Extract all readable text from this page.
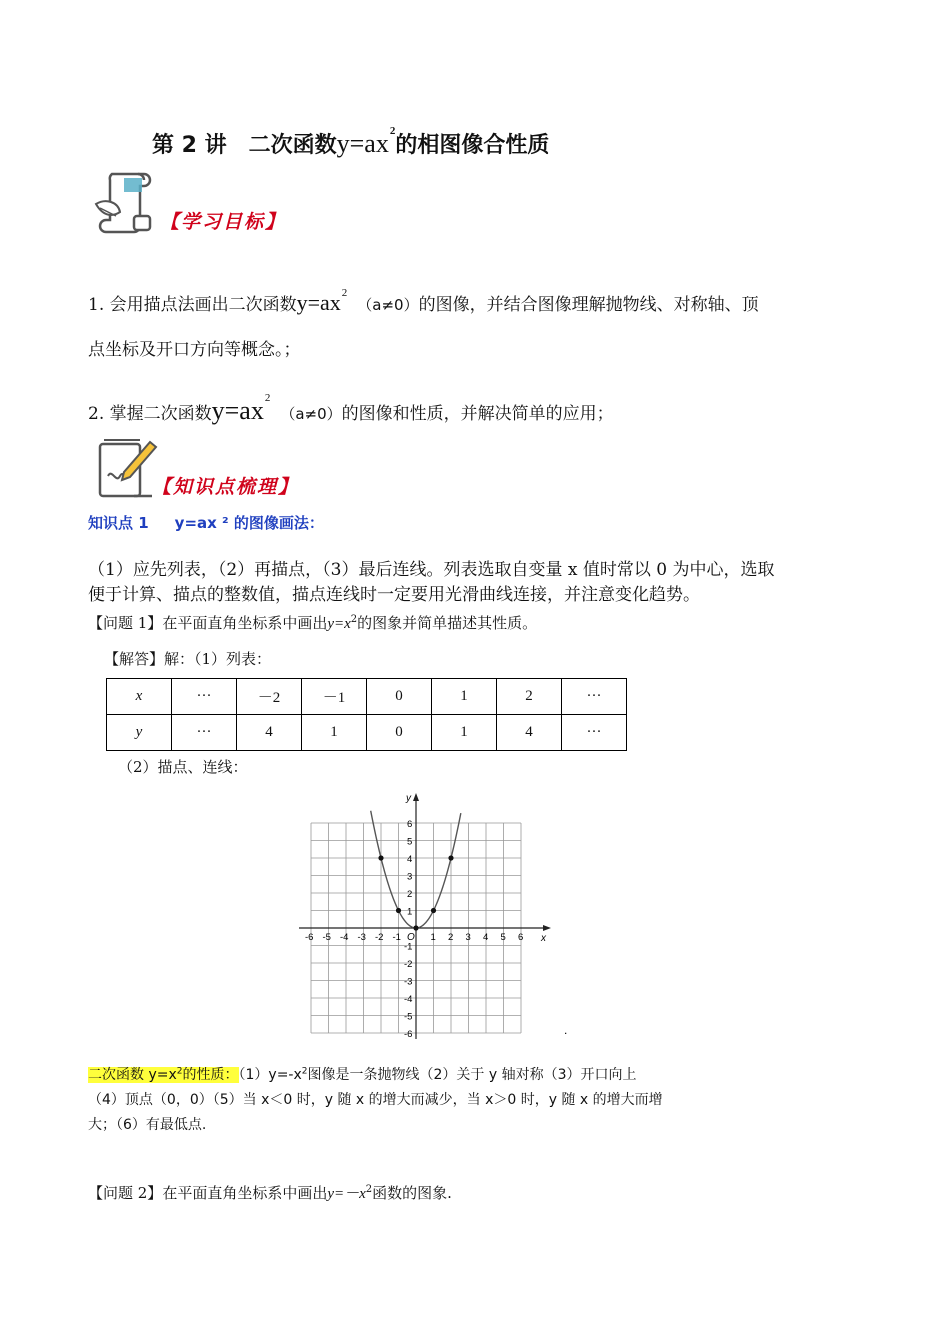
第 2 讲　二次函数$y=ax^2$的相图像合性质
【学习目标】
1. 会用描点法画出二次函数$y=ax^2(a\ne 0)$的图像，并结合图像理解抛物线、对称轴、顶
点坐标及开口方向等概念。；
2. 掌握二次函数$y=ax^2(a\ne 0)$的图像和性质，并解决简单的应用；
【知识点梳理】
知识点 1 y=ax ² 的图像画法：
（1）应先列表，（2）再描点，（3）最后连线。列表选取自变量 x 值时常以 0 为中心，选取
便于计算、描点的整数值，描点连线时一定要用光滑曲线连接，并注意变化趋势。
【问题 1】在平面直角坐标系中画出$y=x^2$的图象并简单描述其性质。
【解答】解：（1）列表：
x	···	－2	－1	0	1	2	···
y	···	4	1	0	1	4	···
（2）描点、连线：
x
y
O
-6 -5 -4 -3 -2 -1	1 2 3 4 5 6
6
5
4
3
2
1
-1
-2
-3
-4
-5
-6	.
二次函数 $y=x^2$的性质：$(1)y=-x^2$图像是一条抛物线（2）关于 y 轴对称（3）开口向上
（4）顶点（0，0）（5）当 x＜0 时，y 随 x 的增大而减少，当 x＞0 时，y 随 x 的增大而增
大；（6）有最低点.
【问题 2】在平面直角坐标系中画出$y=-x^2$函数的图象.
